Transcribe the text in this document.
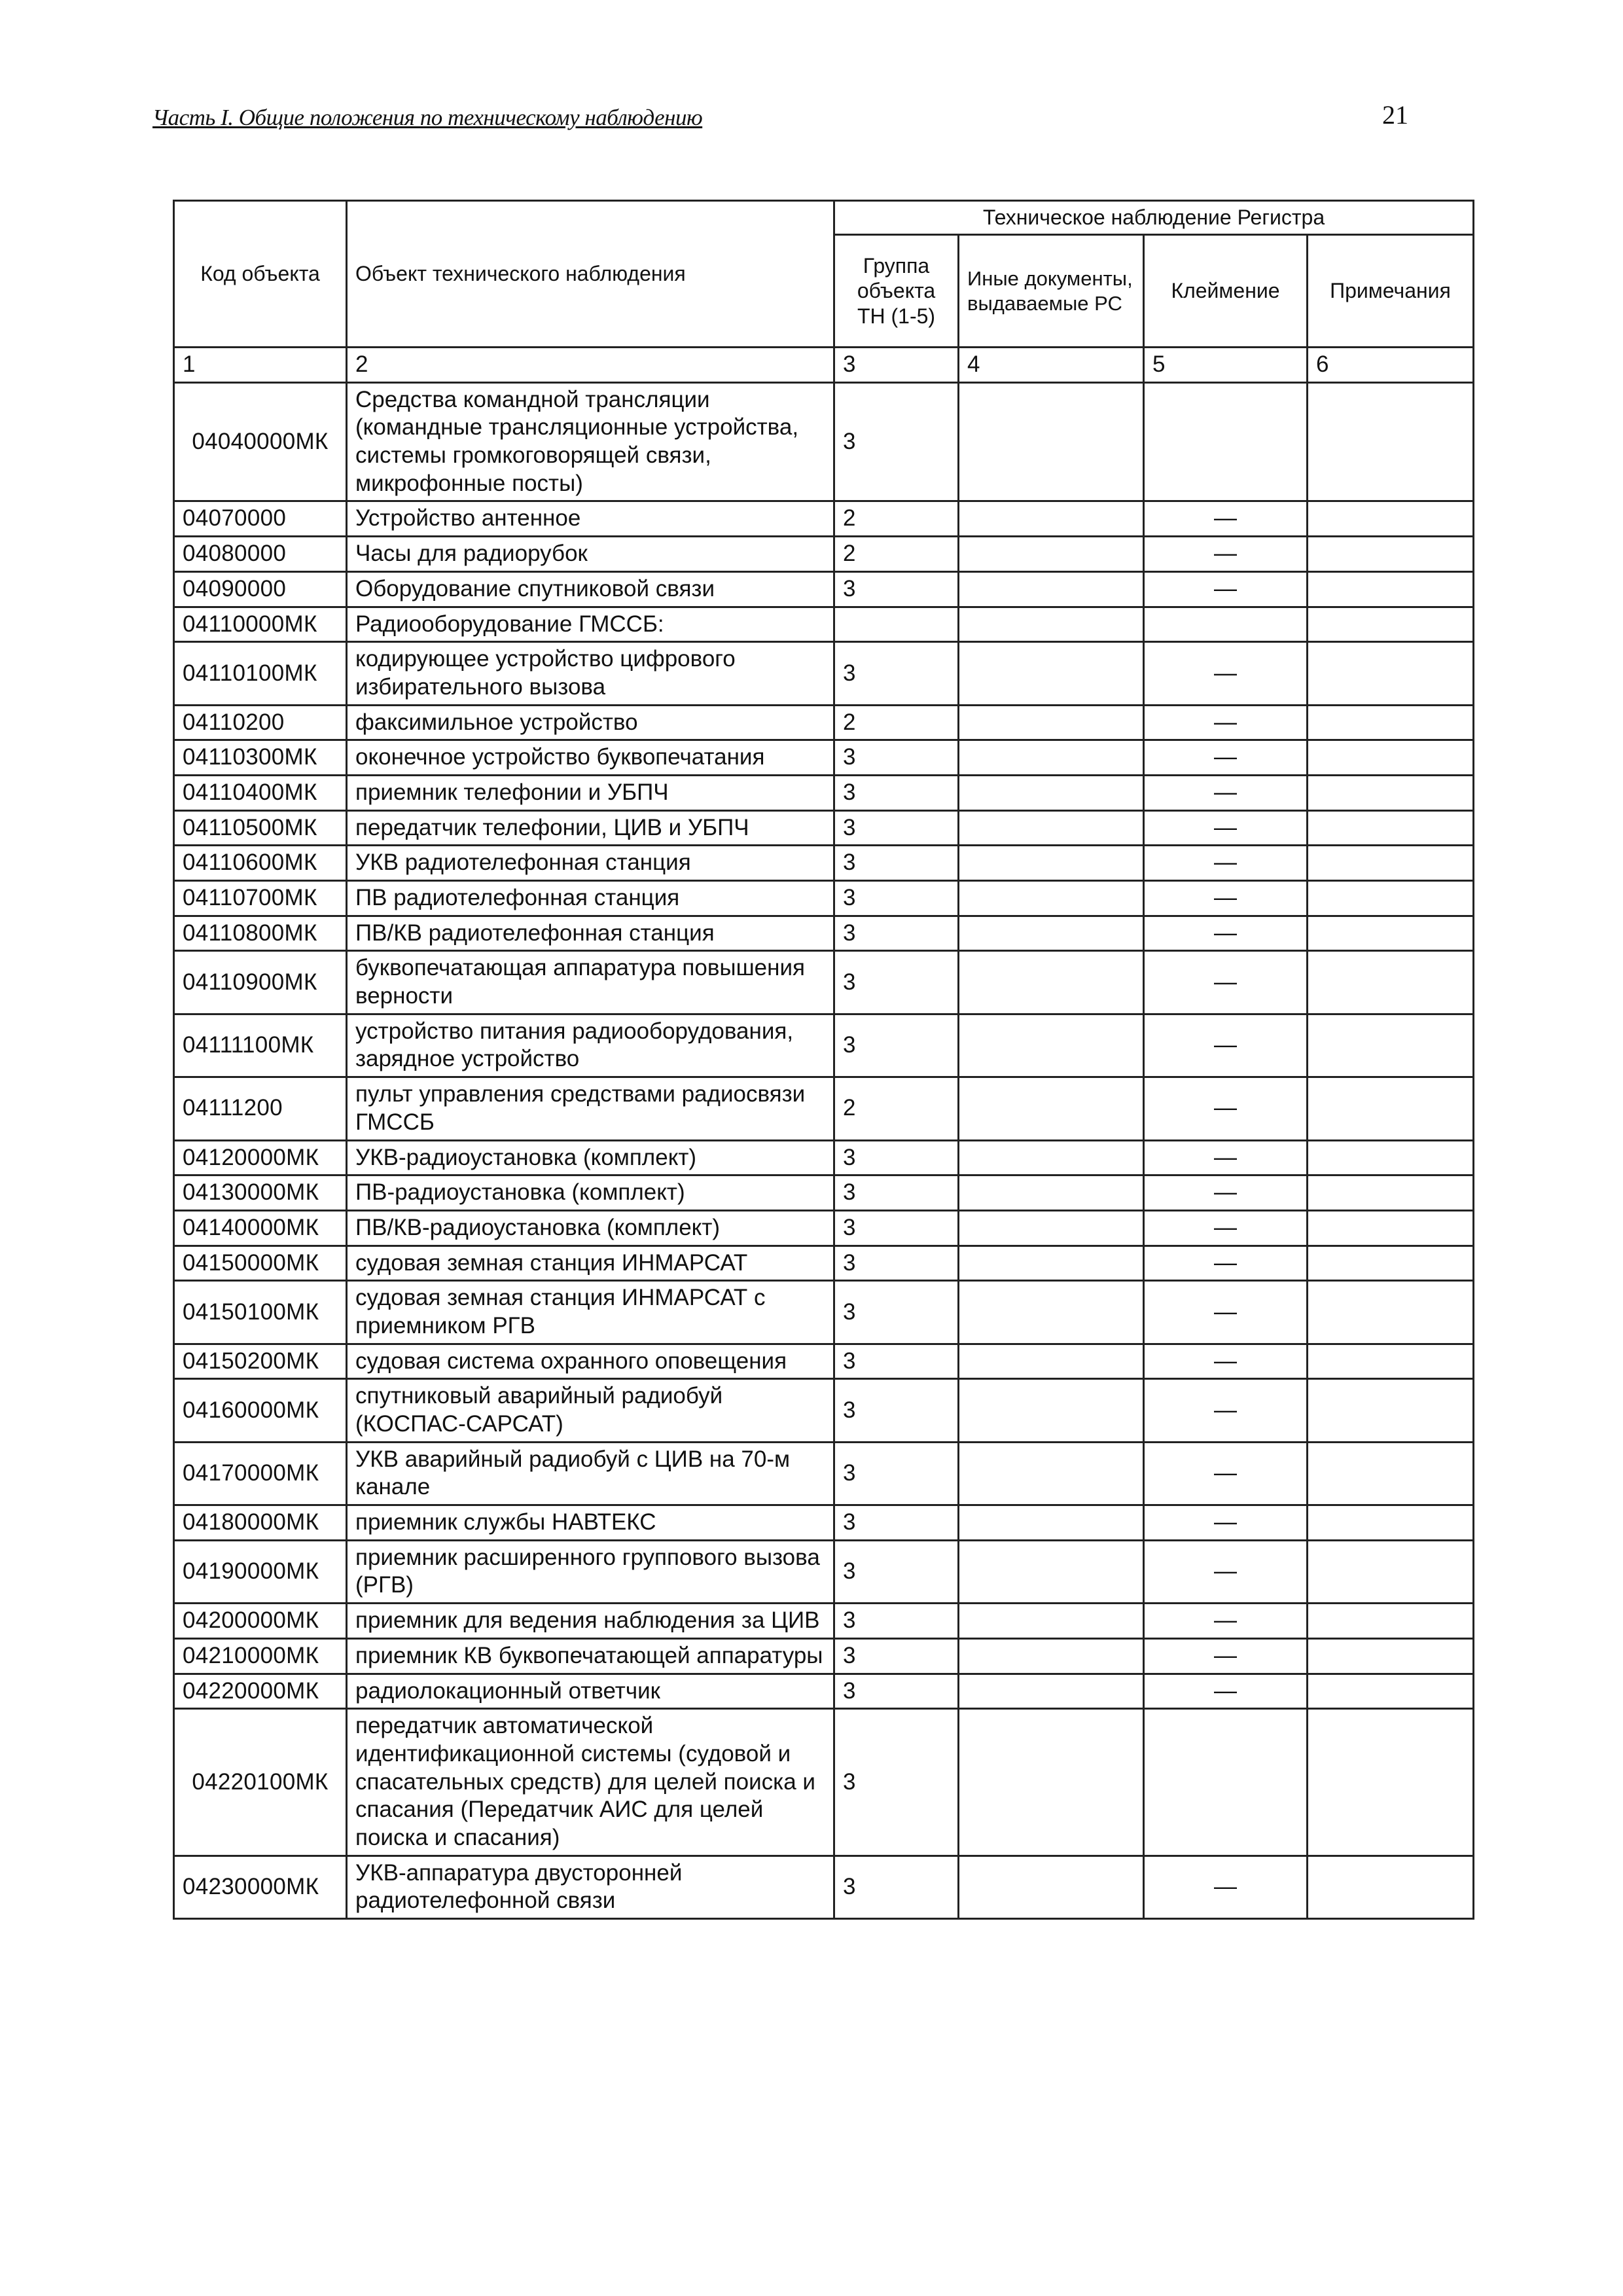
Часть I. Общие положения по техническому наблюдению	21
Код объекта	Объект технического наблюдения	Техническое наблюдение Регистра			
		Группа объекта ТН (1-5)	Иные документы, выдаваемые РС	Клеймение	Примечания
1	2	3	4	5	6
04040000МК	Средства командной трансляции (командные трансляционные устройства, системы громкоговорящей связи, микрофонные посты)	3			
04070000	Устройство антенное	2		—	
04080000	Часы для радиорубок	2		—	
04090000	Оборудование спутниковой связи	3		—	
04110000МК	Радиооборудование ГМССБ:				
04110100МК	кодирующее устройство цифрового избирательного вызова	3		—	
04110200	факсимильное устройство	2		—	
04110300МК	оконечное устройство буквопечатания	3		—	
04110400МК	приемник телефонии и УБПЧ	3		—	
04110500МК	передатчик телефонии, ЦИВ и УБПЧ	3		—	
04110600МК	УКВ радиотелефонная станция	3		—	
04110700МК	ПВ радиотелефонная станция	3		—	
04110800МК	ПВ/КВ радиотелефонная станция	3		—	
04110900МК	буквопечатающая аппаратура повышения верности	3		—	
04111100МК	устройство питания радиооборудования, зарядное устройство	3		—	
04111200	пульт управления средствами радиосвязи ГМССБ	2		—	
04120000МК	УКВ-радиоустановка (комплект)	3		—	
04130000МК	ПВ-радиоустановка (комплект)	3		—	
04140000МК	ПВ/КВ-радиоустановка (комплект)	3		—	
04150000МК	судовая земная станция ИНМАРСАТ	3		—	
04150100МК	судовая земная станция ИНМАРСАТ с приемником РГВ	3		—	
04150200МК	судовая система охранного оповещения	3		—	
04160000МК	спутниковый аварийный радиобуй (КОСПАС-САРСАТ)	3		—	
04170000МК	УКВ аварийный радиобуй с ЦИВ на 70-м канале	3		—	
04180000МК	приемник службы НАВТЕКС	3		—	
04190000МК	приемник расширенного группового вызова (РГВ)	3		—	
04200000МК	приемник для ведения наблюдения за ЦИВ	3		—	
04210000МК	приемник КВ буквопечатающей аппаратуры	3		—	
04220000МК	радиолокационный ответчик	3		—	
04220100МК	передатчик автоматической идентификационной системы (судовой и спасательных средств) для целей поиска и спасания (Передатчик АИС для целей поиска и спасания)	3			
04230000МК	УКВ-аппаратура двусторонней радиотелефонной связи	3		—	
